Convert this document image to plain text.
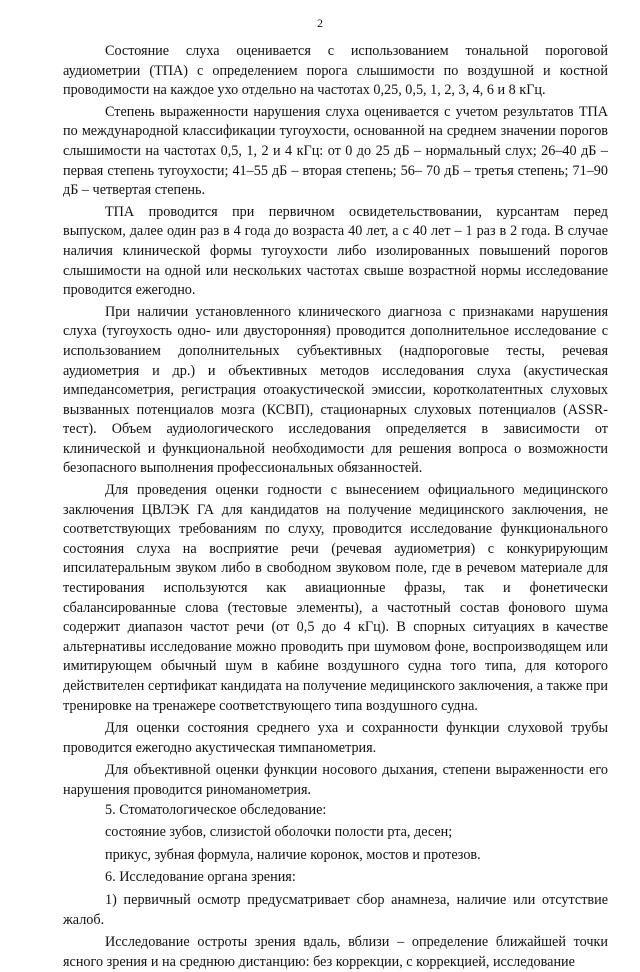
2

Состояние слуха оценивается с использованием тональной пороговой аудиометрии (ТПА) с определением порога слышимости по воздушной и костной проводимости на каждое ухо отдельно на частотах 0,25, 0,5, 1, 2, 3, 4, 6 и 8 кГц.

Степень выраженности нарушения слуха оценивается с учетом результатов ТПА по международной классификации тугоухости, основанной на среднем значении порогов слышимости на частотах 0,5, 1, 2 и 4 кГц: от 0 до 25 дБ – нормальный слух; 26–40 дБ – первая степень тугоухости; 41–55 дБ – вторая степень; 56– 70 дБ – третья степень; 71–90 дБ – четвертая степень.

ТПА проводится при первичном освидетельствовании, курсантам перед выпуском, далее один раз в 4 года до возраста 40 лет, а с 40 лет – 1 раз в 2 года. В случае наличия клинической формы тугоухости либо изолированных повышений порогов слышимости на одной или нескольких частотах свыше возрастной нормы исследование проводится ежегодно.

При наличии установленного клинического диагноза с признаками нарушения слуха (тугоухость одно- или двусторонняя) проводится дополнительное исследование с использованием дополнительных субъективных (надпороговые тесты, речевая аудиометрия и др.) и объективных методов исследования слуха (акустическая импедансометрия, регистрация отоакустической эмиссии, коротколатентных слуховых вызванных потенциалов мозга (КСВП), стационарных слуховых потенциалов (ASSR-тест). Объем аудиологического исследования определяется в зависимости от клинической и функциональной необходимости для решения вопроса о возможности безопасного выполнения профессиональных обязанностей.

Для проведения оценки годности с вынесением официального медицинского заключения ЦВЛЭК ГА для кандидатов на получение медицинского заключения, не соответствующих требованиям по слуху, проводится исследование функционального состояния слуха на восприятие речи (речевая аудиометрия) с конкурирующим ипсилатеральным звуком либо в свободном звуковом поле, где в речевом материале для тестирования используются как авиационные фразы, так и фонетически сбалансированные слова (тестовые элементы), а частотный состав фонового шума содержит диапазон частот речи (от 0,5 до 4 кГц). В спорных ситуациях в качестве альтернативы исследование можно проводить при шумовом фоне, воспроизводящем или имитирующем обычный шум в кабине воздушного судна того типа, для которого действителен сертификат кандидата на получение медицинского заключения, а также при тренировке на тренажере соответствующего типа воздушного судна.

Для оценки состояния среднего уха и сохранности функции слуховой трубы проводится ежегодно акустическая тимпанометрия.

Для объективной оценки функции носового дыхания, степени выраженности его нарушения проводится риноманометрия.

5. Стоматологическое обследование:

состояние зубов, слизистой оболочки полости рта, десен;

прикус, зубная формула, наличие коронок, мостов и протезов.

6. Исследование органа зрения:

1) первичный осмотр предусматривает сбор анамнеза, наличие или отсутствие жалоб.

Исследование остроты зрения вдаль, вблизи – определение ближайшей точки ясного зрения и на среднюю дистанцию: без коррекции, с коррекцией, исследование
